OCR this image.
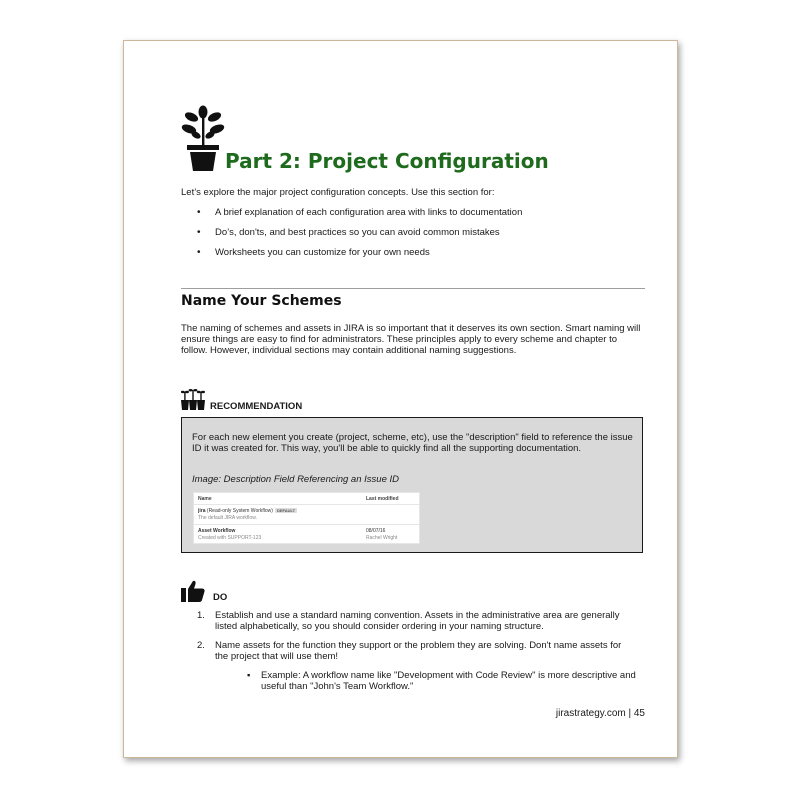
Part 2: Project Configuration
Let’s explore the major project configuration concepts. Use this section for:
• A brief explanation of each configuration area with links to documentation
• Do’s, don'ts, and best practices so you can avoid common mistakes
• Worksheets you can customize for your own needs
Name Your Schemes

The naming of schemes and assets in JIRA is so important that it deserves its own section. Smart naming will ensure things are easy to find for administrators. These principles apply to every scheme and chapter to follow. However, individual sections may contain additional naming suggestions.

RECOMMENDATION

For each new element you create (project, scheme, etc), use the "description" field to reference the issue ID it was created for. This way, you'll be able to quickly find all the supporting documentation.

Image: Description Field Referencing an Issue ID
Name	Last modified
jira (Read-only System Workflow) DEFAULT
The default JIRA workflow.
Asset Workflow
Created with SUPPORT-123
08/07/16
Rachel Wright
DO
1. Establish and use a standard naming convention. Assets in the administrative area are generally listed alphabetically, so you should consider ordering in your naming structure.
2. Name assets for the function they support or the problem they are solving. Don't name assets for the project that will use them!
▪ Example: A workflow name like "Development with Code Review" is more descriptive and useful than "John's Team Workflow."
jirastrategy.com | 45
